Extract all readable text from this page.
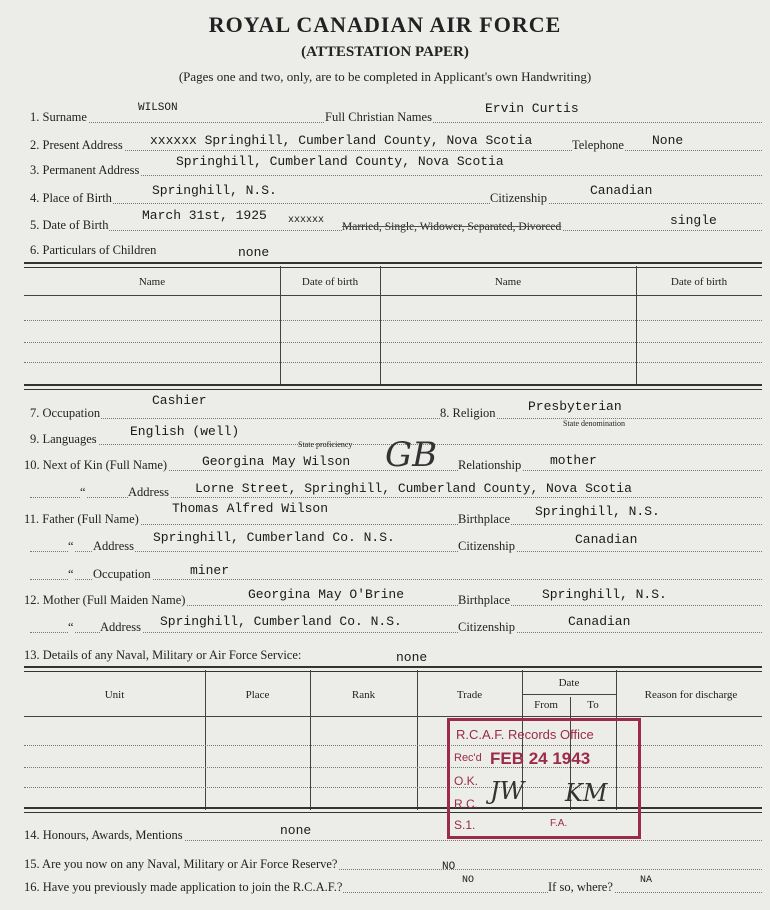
ROYAL CANADIAN AIR FORCE
(ATTESTATION PAPER)
(Pages one and two, only, are to be completed in Applicant's own Handwriting)
1. Surname
WILSON
Full Christian Names
Ervin Curtis
2. Present Address xxxxxx Springhill, Cumberland County, Nova Scotia	Telephone None
3. Permanent Address
Springhill, Cumberland County, Nova Scotia
4. Place of Birth	Springhill, N.S.	Citizenship	Canadian
5. Date of Birth
March 31st, 1925 xxxxxx
Married, Single, Widower, Separated, Divorced	single
6. Particulars of Children	none
Name	Date of birth	Name	Date of birth
7. Occupation
Cashier
8. Religion Presbyterian
State denomination
9. Languages	English (well)
State proficiency
10. Next of Kin (Full Name)	Georgina May Wilson	Relationship mother
GB
“	Address Lorne Street, Springhill, Cumberland County, Nova Scotia
11. Father (Full Name)
Thomas Alfred Wilson
Birthplace Springhill, N.S.
“ Address
Springhill, Cumberland Co. N.S.
Citizenship	Canadian
“ Occupation	miner
12. Mother (Full Maiden Name)	Georgina May O'Brine	Birthplace Springhill, N.S.
“ Address Springhill, Cumberland Co. N.S.	Citizenship	Canadian
13. Details of any Naval, Military or Air Force Service:	none
Unit	Place	Rank	Trade
Date
From	To
Reason for discharge
14. Honours, Awards, Mentions	none
15. Are you now on any Naval, Military or Air Force Reserve?	NO
16. Have you previously made application to join the R.C.A.F.?	NO	If so, where?	NA
R.C.A.F. Records Office
Rec'd FEB 24 1943
O.K.
R.C.
S.1.	F.A.
JW KM
